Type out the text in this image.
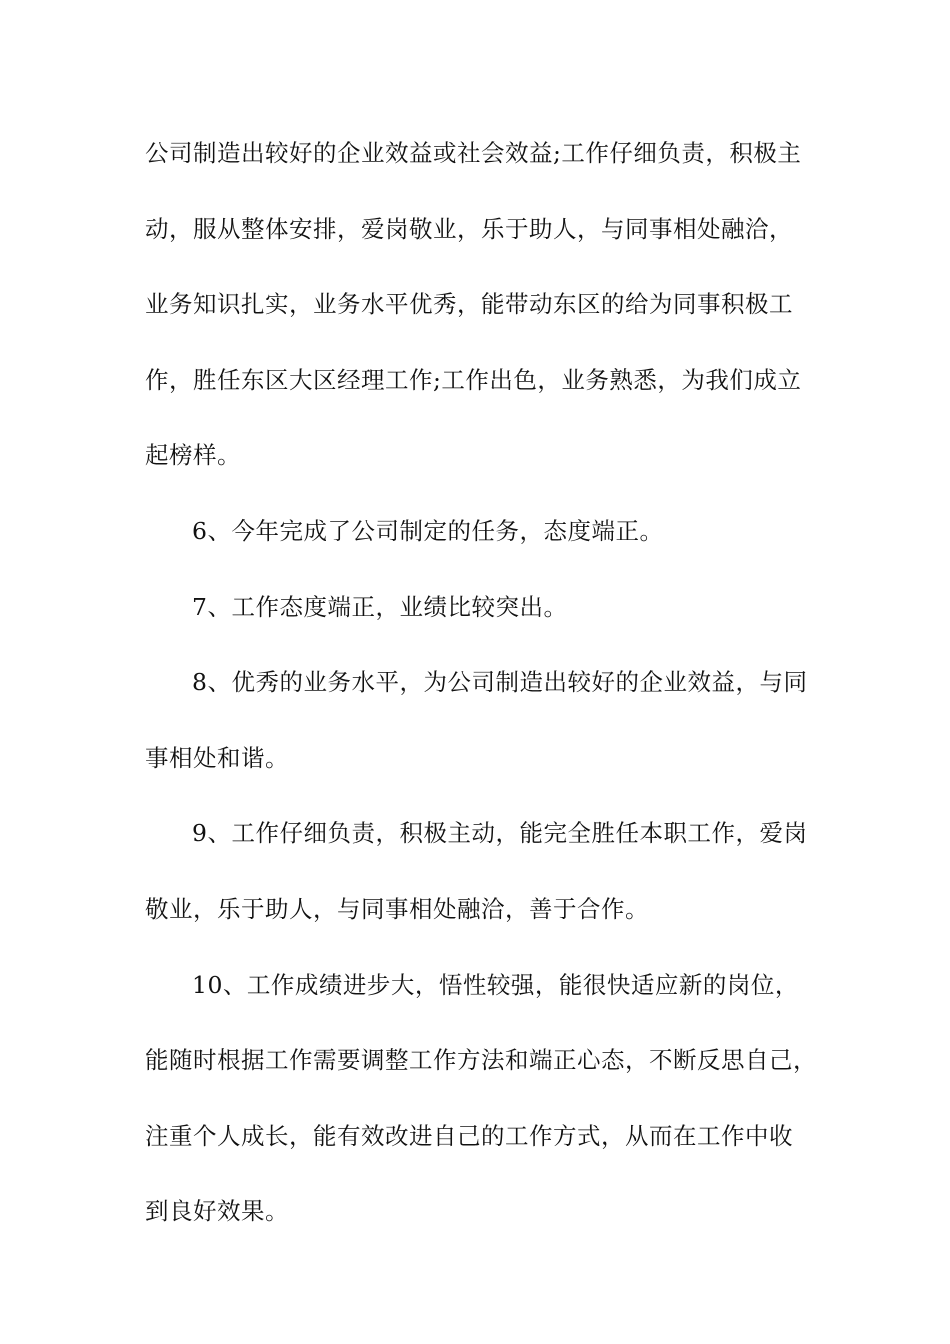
公司制造出较好的企业效益或社会效益;工作仔细负责，积极主
动，服从整体安排，爱岗敬业，乐于助人，与同事相处融洽，
业务知识扎实，业务水平优秀，能带动东区的给为同事积极工
作，胜任东区大区经理工作;工作出色，业务熟悉，为我们成立
起榜样。
6、今年完成了公司制定的任务，态度端正。
7、工作态度端正，业绩比较突出。
8、优秀的业务水平，为公司制造出较好的企业效益，与同
事相处和谐。
9、工作仔细负责，积极主动，能完全胜任本职工作，爱岗
敬业，乐于助人，与同事相处融洽，善于合作。
10、工作成绩进步大，悟性较强，能很快适应新的岗位，
能随时根据工作需要调整工作方法和端正心态，不断反思自己，
注重个人成长，能有效改进自己的工作方式，从而在工作中收
到良好效果。
